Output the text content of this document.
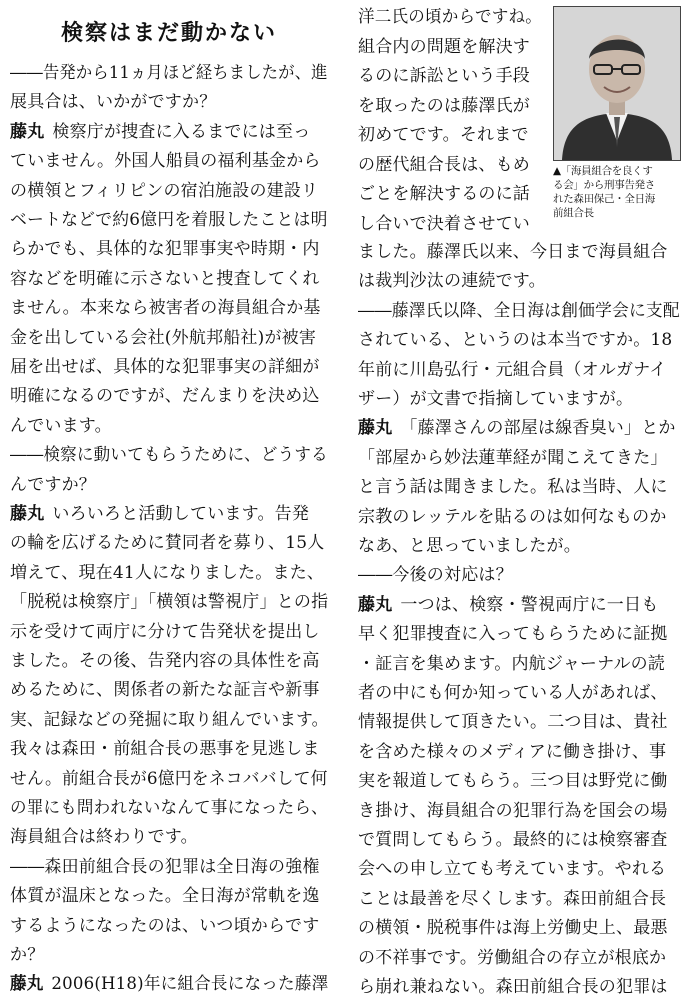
検察はまだ動かない
――告発から11ヵ月ほど経ちましたが、進
展具合は、いかがですか？
藤丸 検察庁が捜査に入るまでには至っ
ていません。外国人船員の福利基金から
の横領とフィリピンの宿泊施設の建設リ
ベートなどで約6億円を着服したことは明
らかでも、具体的な犯罪事実や時期・内
容などを明確に示さないと捜査してくれ
ません。本来なら被害者の海員組合か基
金を出している会社(外航邦船社)が被害
届を出せば、具体的な犯罪事実の詳細が
明確になるのですが、だんまりを決め込
んでいます。
――検察に動いてもらうために、どうする
んですか？
藤丸 いろいろと活動しています。告発
の輪を広げるために賛同者を募り、15人
増えて、現在41人になりました。また、
「脱税は検察庁」「横領は警視庁」との指
示を受けて両庁に分けて告発状を提出し
ました。その後、告発内容の具体性を高
めるために、関係者の新たな証言や新事
実、記録などの発掘に取り組んでいます。
我々は森田・前組合長の悪事を見逃しま
せん。前組合長が6億円をネコババして何
の罪にも問われないなんて事になったら、
海員組合は終わりです。
――森田前組合長の犯罪は全日海の強権
体質が温床となった。全日海が常軌を逸
するようになったのは、いつ頃からです
か？
藤丸 2006(H18)年に組合長になった藤澤
洋二氏の頃からですね。
組合内の問題を解決す
るのに訴訟という手段
を取ったのは藤澤氏が
初めてです。それまで
の歴代組合長は、もめ
ごとを解決するのに話
し合いで決着させてい
ました。藤澤氏以来、今日まで海員組合
は裁判沙汰の連続です。
――藤澤氏以降、全日海は創価学会に支配
されている、というのは本当ですか。18
年前に川島弘行・元組合員（オルガナイ
ザー）が文書で指摘していますが。
藤丸 「藤澤さんの部屋は線香臭い」とか
「部屋から妙法蓮華経が聞こえてきた」
と言う話は聞きました。私は当時、人に
宗教のレッテルを貼るのは如何なものか
なあ、と思っていましたが。
――今後の対応は？
藤丸 一つは、検察・警視両庁に一日も
早く犯罪捜査に入ってもらうために証拠
・証言を集めます。内航ジャーナルの読
者の中にも何か知っている人があれば、
情報提供して頂きたい。二つ目は、貴社
を含めた様々のメディアに働き掛け、事
実を報道してもらう。三つ目は野党に働
き掛け、海員組合の犯罪行為を国会の場
で質問してもらう。最終的には検察審査
会への申し立ても考えています。やれる
ことは最善を尽くします。森田前組合長
の横領・脱税事件は海上労働史上、最悪
の不祥事です。労働組合の存立が根底か
ら崩れ兼ねない。森田前組合長の犯罪は
▲「海員組合を良くす
る会」から刑事告発さ
れた森田保己・全日海
前組合長
